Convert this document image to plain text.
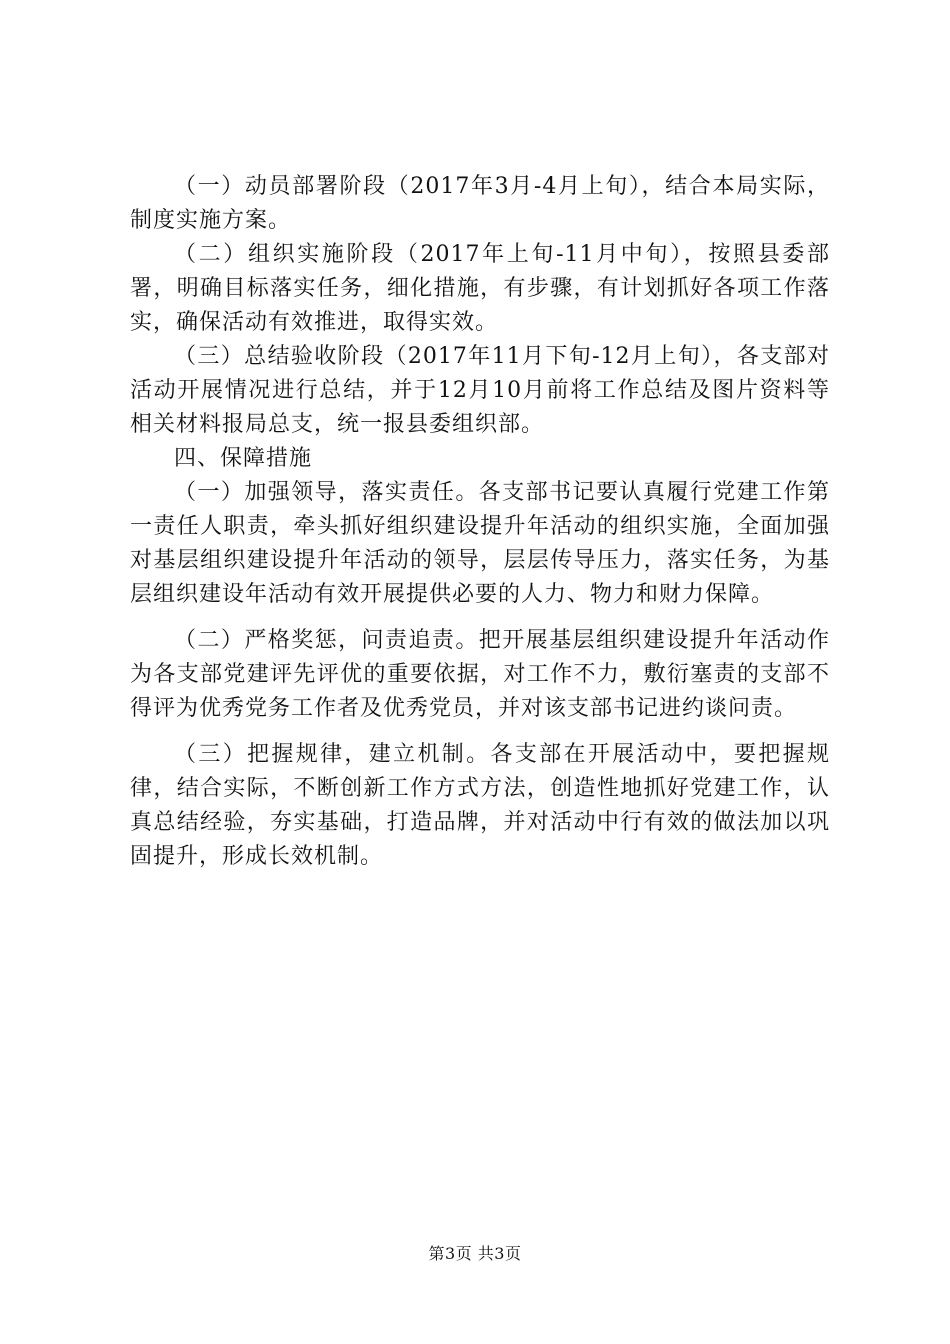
（一）动员部署阶段（2017年3月-4月上旬），结合本局实际，制度实施方案。

（二）组织实施阶段（2017年上旬-11月中旬），按照县委部署，明确目标落实任务，细化措施，有步骤，有计划抓好各项工作落实，确保活动有效推进，取得实效。

（三）总结验收阶段（2017年11月下旬-12月上旬），各支部对活动开展情况进行总结，并于12月10月前将工作总结及图片资料等相关材料报局总支，统一报县委组织部。

四、保障措施

（一）加强领导，落实责任。各支部书记要认真履行党建工作第一责任人职责，牵头抓好组织建设提升年活动的组织实施，全面加强对基层组织建设提升年活动的领导，层层传导压力，落实任务，为基层组织建设年活动有效开展提供必要的人力、物力和财力保障。

（二）严格奖惩，问责追责。把开展基层组织建设提升年活动作为各支部党建评先评优的重要依据，对工作不力，敷衍塞责的支部不得评为优秀党务工作者及优秀党员，并对该支部书记进约谈问责。

（三）把握规律，建立机制。各支部在开展活动中，要把握规律，结合实际，不断创新工作方式方法，创造性地抓好党建工作，认真总结经验，夯实基础，打造品牌，并对活动中行有效的做法加以巩固提升，形成长效机制。

第3页 共3页
